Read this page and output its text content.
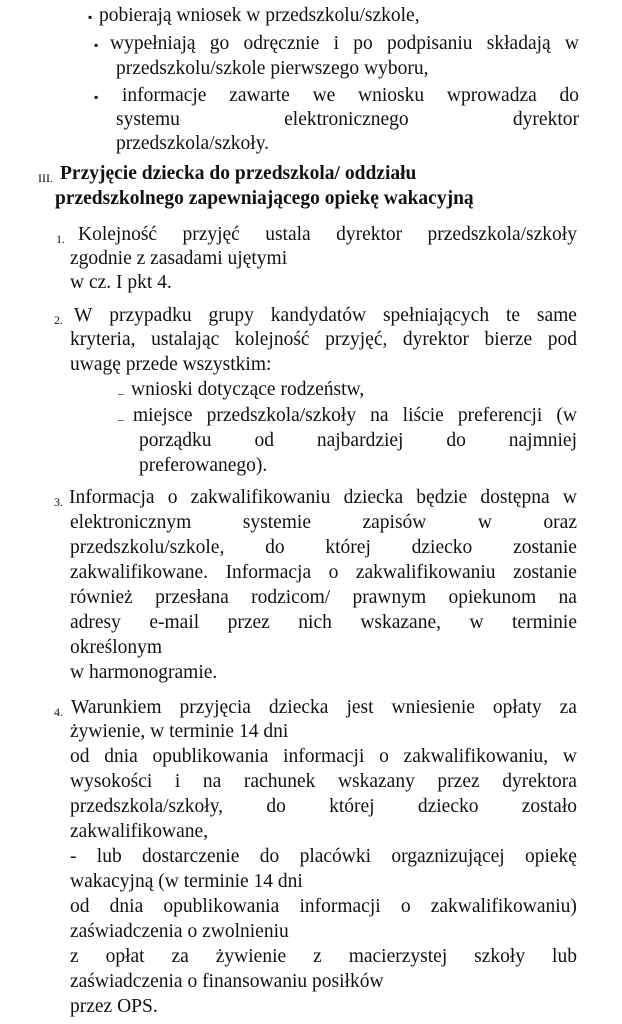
▪ pobierają wniosek w przedszkolu/szkole,
▪ wypełniają go odręcznie i po podpisaniu składają w
przedszkolu/szkole pierwszego wyboru,
▪ informacje zawarte we wniosku wprowadza do
systemu	elektronicznego	dyrektor
przedszkola/szkoły.
III. Przyjęcie dziecka do przedszkola/ oddziału
przedszkolnego zapewniającego opiekę wakacyjną
1. Kolejność przyjęć ustala dyrektor przedszkola/szkoły
zgodnie z zasadami ujętymi
w cz. I pkt 4.
2. W przypadku grupy kandydatów spełniających te same
kryteria, ustalając kolejność przyjęć, dyrektor bierze pod
uwagę przede wszystkim:
– wnioski dotyczące rodzeństw,
– miejsce przedszkola/szkoły na liście preferencji (w
porządku od najbardziej do najmniej
preferowanego).
3. Informacja o zakwalifikowaniu dziecka będzie dostępna w
elektronicznym	systemie	zapisów	w	oraz
przedszkolu/szkole, do której dziecko zostanie
zakwalifikowane. Informacja o zakwalifikowaniu zostanie
również przesłana rodzicom/ prawnym opiekunom na
adresy e-mail przez nich wskazane, w terminie
określonym
w harmonogramie.
4. Warunkiem przyjęcia dziecka jest wniesienie opłaty za
żywienie, w terminie 14 dni
od dnia opublikowania informacji o zakwalifikowaniu, w
wysokości i na rachunek wskazany przez dyrektora
przedszkola/szkoły, do której dziecko zostało
zakwalifikowane,
- lub dostarczenie do placówki orgaznizującej opiekę
wakacyjną (w terminie 14 dni
od dnia opublikowania informacji o zakwalifikowaniu)
zaświadczenia o zwolnieniu
z opłat za żywienie z macierzystej szkoły lub
zaświadczenia o finansowaniu posiłków
przez OPS.
